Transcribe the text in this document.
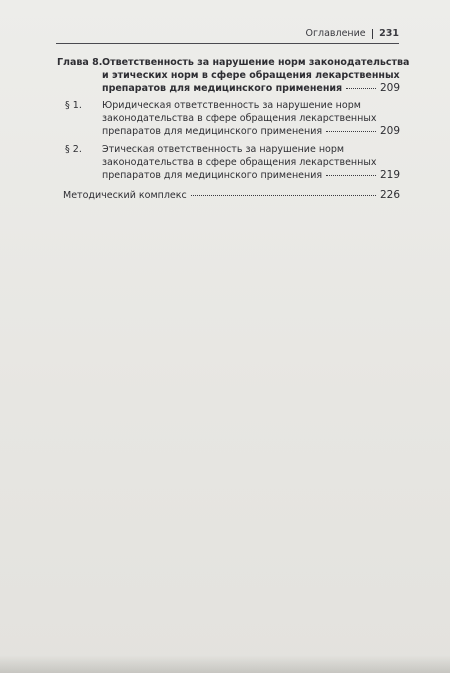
Оглавление 231
Глава 8. Ответственность за нарушение норм законодательства
и этических норм в сфере обращения лекарственных
препаратов для медицинского применения	209
§ 1. Юридическая ответственность за нарушение норм
законодательства в сфере обращения лекарственных
препаратов для медицинского применения	209
§ 2. Этическая ответственность за нарушение норм
законодательства в сфере обращения лекарственных
препаратов для медицинского применения	219
Методический комплекс	226
